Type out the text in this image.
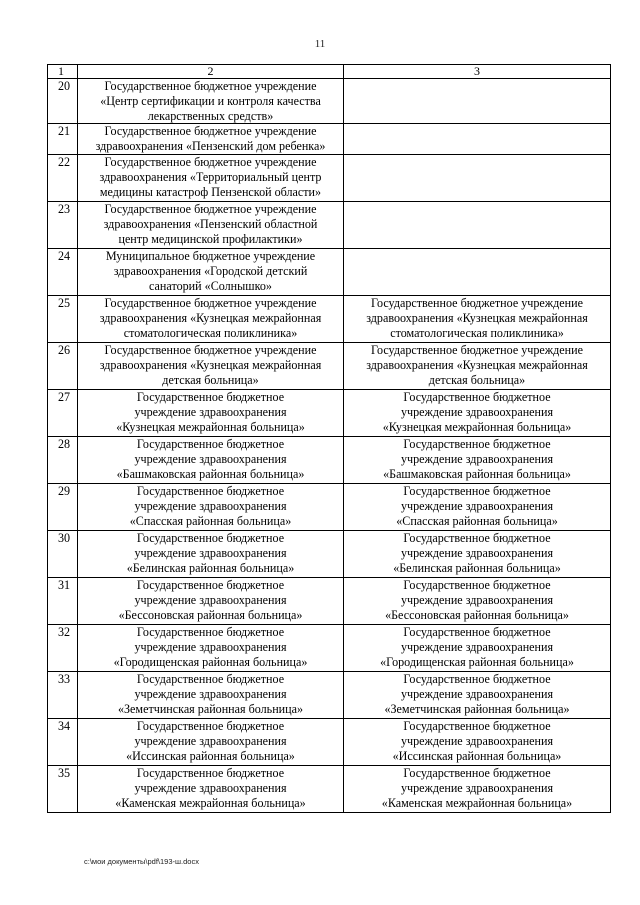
11
1	2	3
20	Государственное бюджетное учреждение
«Центр сертификации и контроля качества
лекарственных средств»	
21	Государственное бюджетное учреждение
здравоохранения «Пензенский дом ребенка»	
22	Государственное бюджетное учреждение
здравоохранения «Территориальный центр
медицины катастроф Пензенской области»	
23	Государственное бюджетное учреждение
здравоохранения «Пензенский областной
центр медицинской профилактики»	
24	Муниципальное бюджетное учреждение
здравоохранения «Городской детский
санаторий «Солнышко»	
25	Государственное бюджетное учреждение
здравоохранения «Кузнецкая межрайонная
стоматологическая поликлиника»	Государственное бюджетное учреждение
здравоохранения «Кузнецкая межрайонная
стоматологическая поликлиника»
26	Государственное бюджетное учреждение
здравоохранения «Кузнецкая межрайонная
детская больница»	Государственное бюджетное учреждение
здравоохранения «Кузнецкая межрайонная
детская больница»
27	Государственное бюджетное
учреждение здравоохранения
«Кузнецкая межрайонная больница»	Государственное бюджетное
учреждение здравоохранения
«Кузнецкая межрайонная больница»
28	Государственное бюджетное
учреждение здравоохранения
«Башмаковская районная больница»	Государственное бюджетное
учреждение здравоохранения
«Башмаковская районная больница»
29	Государственное бюджетное
учреждение здравоохранения
«Спасская районная больница»	Государственное бюджетное
учреждение здравоохранения
«Спасская районная больница»
30	Государственное бюджетное
учреждение здравоохранения
«Белинская районная больница»	Государственное бюджетное
учреждение здравоохранения
«Белинская районная больница»
31	Государственное бюджетное
учреждение здравоохранения
«Бессоновская районная больница»	Государственное бюджетное
учреждение здравоохранения
«Бессоновская районная больница»
32	Государственное бюджетное
учреждение здравоохранения
«Городищенская районная больница»	Государственное бюджетное
учреждение здравоохранения
«Городищенская районная больница»
33	Государственное бюджетное
учреждение здравоохранения
«Земетчинская районная больница»	Государственное бюджетное
учреждение здравоохранения
«Земетчинская районная больница»
34	Государственное бюджетное
учреждение здравоохранения
«Иссинская районная больница»	Государственное бюджетное
учреждение здравоохранения
«Иссинская районная больница»
35	Государственное бюджетное
учреждение здравоохранения
«Каменская межрайонная больница»	Государственное бюджетное
учреждение здравоохранения
«Каменская межрайонная больница»
c:\мои документы\pdf\193-ш.docx
